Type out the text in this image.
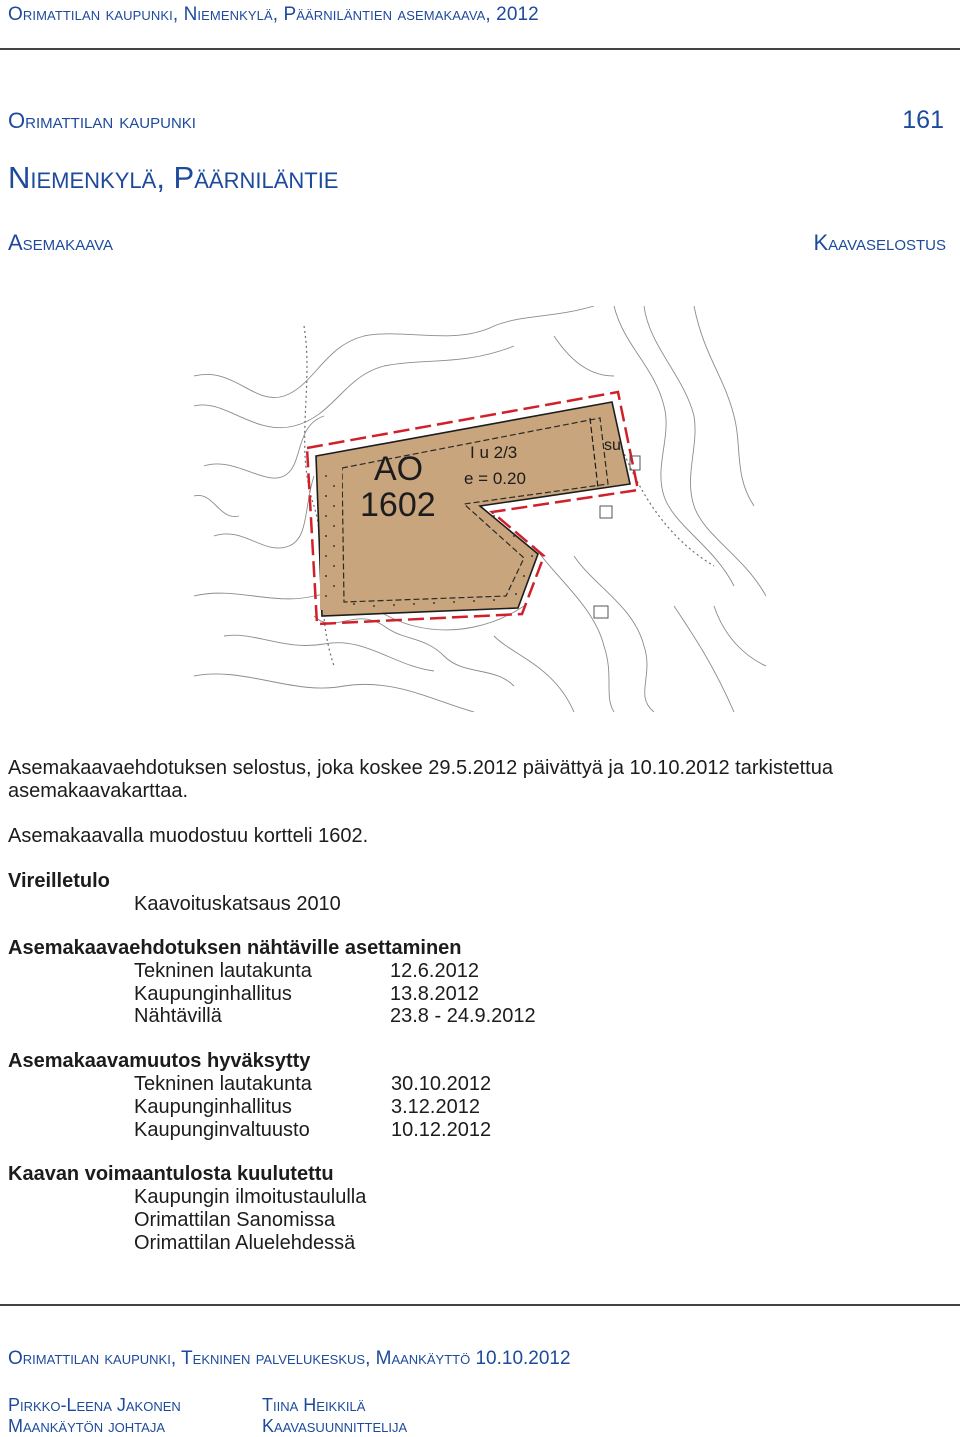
Orimattilan kaupunki, Niemenkylä, Päärniläntien asemakaava, 2012
Orimattilan kaupunki	161
Niemenkylä, Päärniläntie
Asemakaava	Kaavaselostus
AO
1602
I u 2/3
e = 0.20
su
Asemakaavaehdotuksen selostus, joka koskee 29.5.2012 päivättyä ja 10.10.2012 tarkistettua
asemakaavakarttaa.
Asemakaavalla muodostuu kortteli 1602.
Vireilletulo
Kaavoituskatsaus 2010
Asemakaavaehdotuksen nähtäville asettaminen
Tekninen lautakunta	12.6.2012
Kaupunginhallitus	13.8.2012
Nähtävillä	23.8 - 24.9.2012
Asemakaavamuutos hyväksytty
Tekninen lautakunta	30.10.2012
Kaupunginhallitus	3.12.2012
Kaupunginvaltuusto	10.12.2012
Kaavan voimaantulosta kuulutettu
Kaupungin ilmoitustaululla
Orimattilan Sanomissa
Orimattilan Aluelehdessä
Orimattilan kaupunki, Tekninen palvelukeskus, Maankäyttö 10.10.2012
Pirkko-Leena Jakonen
Maankäytön johtaja
Tiina Heikkilä
Kaavasuunnittelija
